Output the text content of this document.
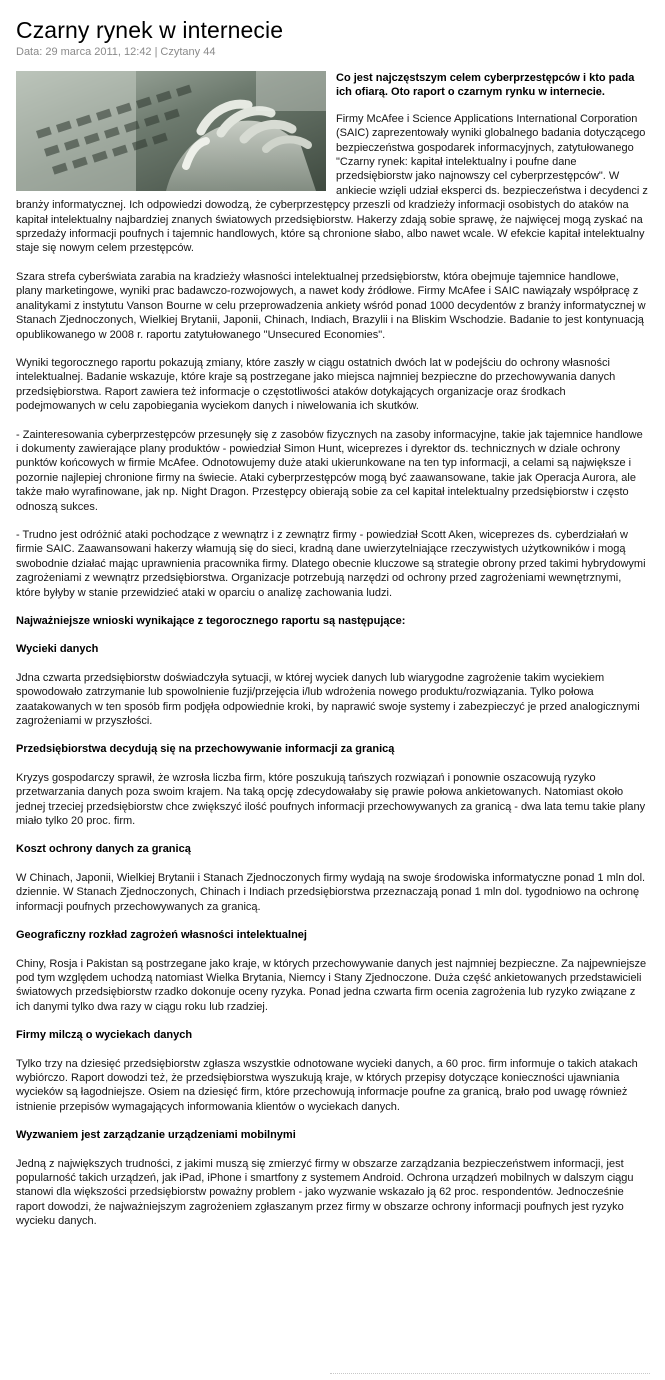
Czarny rynek w internecie
Data: 29 marca 2011, 12:42 | Czytany 44

Co jest najczęstszym celem cyberprzestępców i kto pada ich ofiarą. Oto raport o czarnym rynku w internecie.

Firmy McAfee i Science Applications International Corporation (SAIC) zaprezentowały wyniki globalnego badania dotyczącego bezpieczeństwa gospodarek informacyjnych, zatytułowanego "Czarny rynek: kapitał intelektualny i poufne dane przedsiębiorstw jako najnowszy cel cyberprzestępców". W ankiecie wzięli udział eksperci ds. bezpieczeństwa i decydenci z branży informatycznej. Ich odpowiedzi dowodzą, że cyberprzestępcy przeszli od kradzieży informacji osobistych do ataków na kapitał intelektualny najbardziej znanych światowych przedsiębiorstw. Hakerzy zdają sobie sprawę, że najwięcej mogą zyskać na sprzedaży informacji poufnych i tajemnic handlowych, które są chronione słabo, albo nawet wcale. W efekcie kapitał intelektualny staje się nowym celem przestępców.

Szara strefa cyberświata zarabia na kradzieży własności intelektualnej przedsiębiorstw, która obejmuje tajemnice handlowe, plany marketingowe, wyniki prac badawczo-rozwojowych, a nawet kody źródłowe. Firmy McAfee i SAIC nawiązały współpracę z analitykami z instytutu Vanson Bourne w celu przeprowadzenia ankiety wśród ponad 1000 decydentów z branży informatycznej w Stanach Zjednoczonych, Wielkiej Brytanii, Japonii, Chinach, Indiach, Brazylii i na Bliskim Wschodzie. Badanie to jest kontynuacją opublikowanego w 2008 r. raportu zatytułowanego "Unsecured Economies".

Wyniki tegorocznego raportu pokazują zmiany, które zaszły w ciągu ostatnich dwóch lat w podejściu do ochrony własności intelektualnej. Badanie wskazuje, które kraje są postrzegane jako miejsca najmniej bezpieczne do przechowywania danych przedsiębiorstwa. Raport zawiera też informacje o częstotliwości ataków dotykających organizacje oraz środkach podejmowanych w celu zapobiegania wyciekom danych i niwelowania ich skutków.

- Zainteresowania cyberprzestępców przesunęły się z zasobów fizycznych na zasoby informacyjne, takie jak tajemnice handlowe i dokumenty zawierające plany produktów - powiedział Simon Hunt, wiceprezes i dyrektor ds. technicznych w dziale ochrony punktów końcowych w firmie McAfee. Odnotowujemy duże ataki ukierunkowane na ten typ informacji, a celami są największe i pozornie najlepiej chronione firmy na świecie. Ataki cyberprzestępców mogą być zaawansowane, takie jak Operacja Aurora, ale także mało wyrafinowane, jak np. Night Dragon. Przestępcy obierają sobie za cel kapitał intelektualny przedsiębiorstw i często odnoszą sukces.

- Trudno jest odróżnić ataki pochodzące z wewnątrz i z zewnątrz firmy - powiedział Scott Aken, wiceprezes ds. cyberdziałań w firmie SAIC. Zaawansowani hakerzy włamują się do sieci, kradną dane uwierzytelniające rzeczywistych użytkowników i mogą swobodnie działać mając uprawnienia pracownika firmy. Dlatego obecnie kluczowe są strategie obrony przed takimi hybrydowymi zagrożeniami z wewnątrz przedsiębiorstwa. Organizacje potrzebują narzędzi od ochrony przed zagrożeniami wewnętrznymi, które byłyby w stanie przewidzieć ataki w oparciu o analizę zachowania ludzi.

Najważniejsze wnioski wynikające z tegorocznego raportu są następujące:
Wycieki danych

Jdna czwarta przedsiębiorstw doświadczyła sytuacji, w której wyciek danych lub wiarygodne zagrożenie takim wyciekiem spowodowało zatrzymanie lub spowolnienie fuzji/przejęcia i/lub wdrożenia nowego produktu/rozwiązania. Tylko połowa zaatakowanych w ten sposób firm podjęła odpowiednie kroki, by naprawić swoje systemy i zabezpieczyć je przed analogicznymi zagrożeniami w przyszłości.

Przedsiębiorstwa decydują się na przechowywanie informacji za granicą

Kryzys gospodarczy sprawił, że wzrosła liczba firm, które poszukują tańszych rozwiązań i ponownie oszacowują ryzyko przetwarzania danych poza swoim krajem. Na taką opcję zdecydowałaby się prawie połowa ankietowanych. Natomiast około jednej trzeciej przedsiębiorstw chce zwiększyć ilość poufnych informacji przechowywanych za granicą - dwa lata temu takie plany miało tylko 20 proc. firm.

Koszt ochrony danych za granicą

W Chinach, Japonii, Wielkiej Brytanii i Stanach Zjednoczonych firmy wydają na swoje środowiska informatyczne ponad 1 mln dol. dziennie. W Stanach Zjednoczonych, Chinach i Indiach przedsiębiorstwa przeznaczają ponad 1 mln dol. tygodniowo na ochronę informacji poufnych przechowywanych za granicą.

Geograficzny rozkład zagrożeń własności intelektualnej

Chiny, Rosja i Pakistan są postrzegane jako kraje, w których przechowywanie danych jest najmniej bezpieczne. Za najpewniejsze pod tym względem uchodzą natomiast Wielka Brytania, Niemcy i Stany Zjednoczone. Duża część ankietowanych przedstawicieli światowych przedsiębiorstw rzadko dokonuje oceny ryzyka. Ponad jedna czwarta firm ocenia zagrożenia lub ryzyko związane z ich danymi tylko dwa razy w ciągu roku lub rzadziej.

Firmy milczą o wyciekach danych

Tylko trzy na dziesięć przedsiębiorstw zgłasza wszystkie odnotowane wycieki danych, a 60 proc. firm informuje o takich atakach wybiórczo. Raport dowodzi też, że przedsiębiorstwa wyszukują kraje, w których przepisy dotyczące konieczności ujawniania wycieków są łagodniejsze. Osiem na dziesięć firm, które przechowują informacje poufne za granicą, brało pod uwagę również istnienie przepisów wymagających informowania klientów o wyciekach danych.

Wyzwaniem jest zarządzanie urządzeniami mobilnymi

Jedną z największych trudności, z jakimi muszą się zmierzyć firmy w obszarze zarządzania bezpieczeństwem informacji, jest popularność takich urządzeń, jak iPad, iPhone i smartfony z systemem Android. Ochrona urządzeń mobilnych w dalszym ciągu stanowi dla większości przedsiębiorstw poważny problem - jako wyzwanie wskazało ją 62 proc. respondentów. Jednocześnie raport dowodzi, że najważniejszym zagrożeniem zgłaszanym przez firmy w obszarze ochrony informacji poufnych jest ryzyko wycieku danych.
